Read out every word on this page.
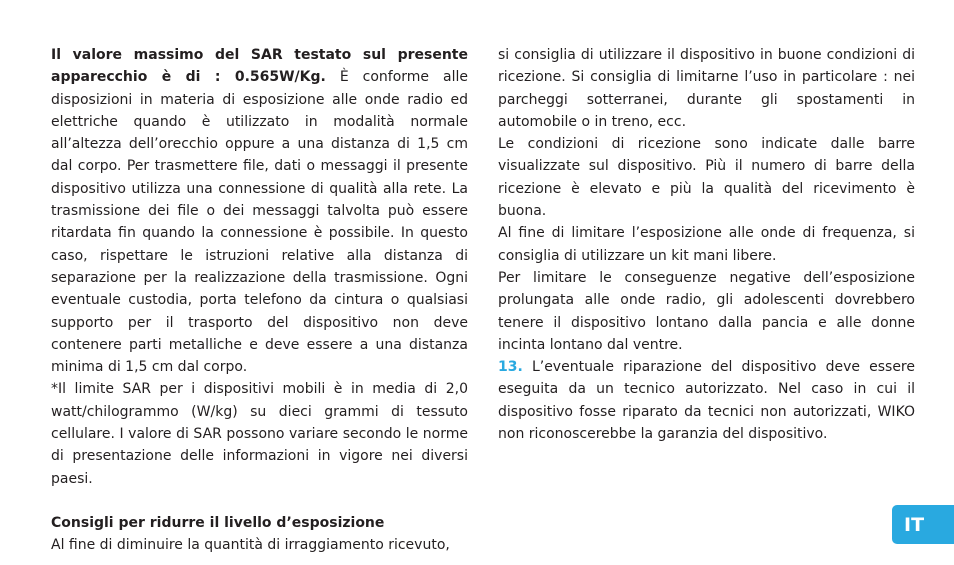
Il valore massimo del SAR testato sul presente apparecchio è di : 0.565W/Kg. È conforme alle disposizioni in materia di esposizione alle onde radio ed elettriche quando è utilizzato in modalità normale all’altezza dell’orecchio oppure a una distanza di 1,5 cm dal corpo. Per trasmettere file, dati o messaggi il presente dispositivo utilizza una connessione di qualità alla rete. La trasmissione dei file o dei messaggi talvolta può essere ritardata fin quando la connessione è possibile. In questo caso, rispettare le istruzioni relative alla distanza di separazione per la realizzazione della trasmissione. Ogni eventuale custodia, porta telefono da cintura o qualsiasi supporto per il trasporto del dispositivo non deve contenere parti metalliche e deve essere a una distanza minima di 1,5 cm dal corpo.

*Il limite SAR per i dispositivi mobili è in media di 2,0 watt/chilogrammo (W/kg) su dieci grammi di tessuto cellulare. I valore di SAR possono variare secondo le norme di presentazione delle informazioni in vigore nei diversi paesi.

Consigli per ridurre il livello d’esposizione

Al fine di diminuire la quantità di irraggiamento ricevuto,

si consiglia di utilizzare il dispositivo in buone condizioni di ricezione. Si consiglia di limitarne l’uso in particolare : nei parcheggi sotterranei, durante gli spostamenti in automobile o in treno, ecc.

Le condizioni di ricezione sono indicate dalle barre visualizzate sul dispositivo. Più il numero di barre della ricezione è elevato e più la qualità del ricevimento è buona.

Al fine di limitare l’esposizione alle onde di frequenza, si consiglia di utilizzare un kit mani libere.

Per limitare le conseguenze negative dell’esposizione prolungata alle onde radio, gli adolescenti dovrebbero tenere il dispositivo lontano dalla pancia e alle donne incinta lontano dal ventre.

13. L’eventuale riparazione del dispositivo deve essere eseguita da un tecnico autorizzato. Nel caso in cui il dispositivo fosse riparato da tecnici non autorizzati, WIKO non riconoscerebbe la garanzia del dispositivo.

IT
